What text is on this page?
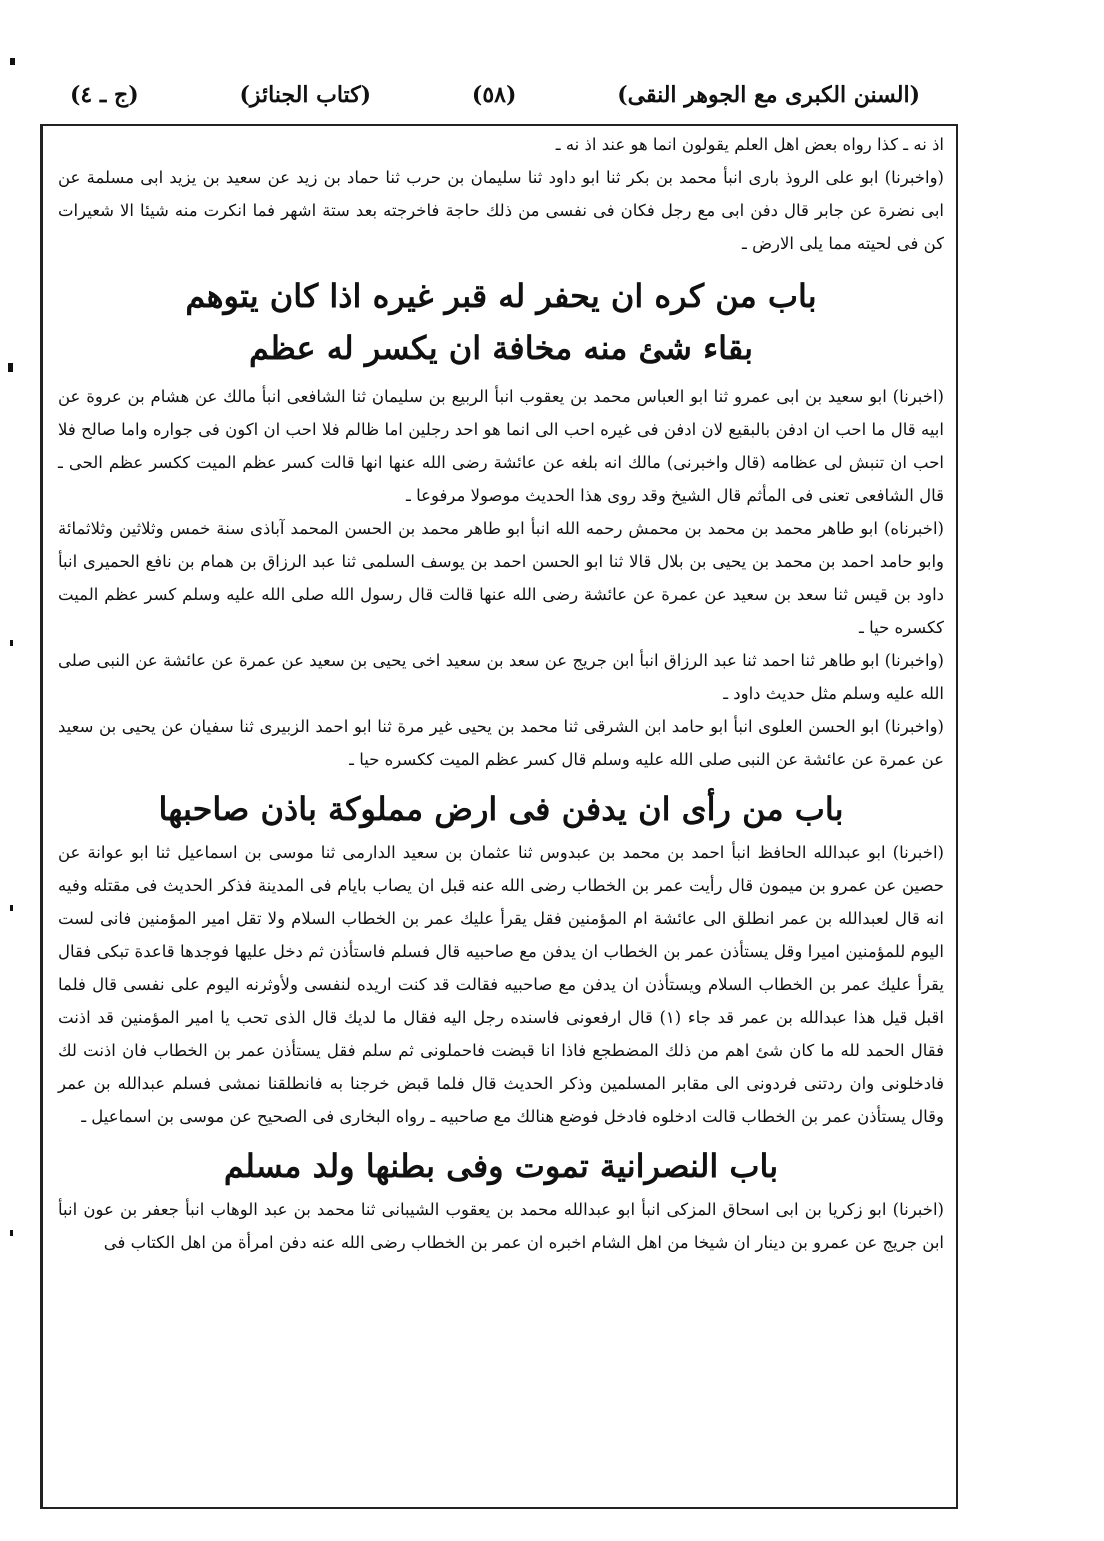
(السنن الكبرى مع الجوهر النقى)
(٥٨)
(كتاب الجنائز)
(ج ـ ٤)

اذ نه ـ كذا رواه بعض اهل العلم يقولون انما هو عند اذ نه ـ

(واخبرنا) ابو على الروذ بارى انبأ محمد بن بكر ثنا ابو داود ثنا سليمان بن حرب ثنا حماد بن زيد عن سعيد بن يزيد ابى مسلمة عن ابى نضرة عن جابر قال دفن ابى مع رجل فكان فى نفسى من ذلك حاجة فاخرجته بعد ستة اشهر فما انكرت منه شيئا الا شعيرات كن فى لحيته مما يلى الارض ـ

باب من كره ان يحفر له قبر غيره اذا كان يتوهم
بقاء شئ منه مخافة ان يكسر له عظم

(اخبرنا) ابو سعيد بن ابى عمرو ثنا ابو العباس محمد بن يعقوب انبأ الربيع بن سليمان ثنا الشافعى انبأ مالك عن هشام بن عروة عن ابيه قال ما احب ان ادفن بالبقيع لان ادفن فى غيره احب الى انما هو احد رجلين اما ظالم فلا احب ان اكون فى جواره واما صالح فلا احب ان تنبش لى عظامه (قال واخبرنى) مالك انه بلغه عن عائشة رضى الله عنها انها قالت كسر عظم الميت ككسر عظم الحى ـ قال الشافعى تعنى فى المأثم قال الشيخ وقد روى هذا الحديث موصولا مرفوعا ـ

(اخبرناه) ابو طاهر محمد بن محمد بن محمش رحمه الله انبأ ابو طاهر محمد بن الحسن المحمد آباذى سنة خمس وثلاثين وثلاثمائة وابو حامد احمد بن محمد بن يحيى بن بلال قالا ثنا ابو الحسن احمد بن يوسف السلمى ثنا عبد الرزاق بن همام بن نافع الحميرى انبأ داود بن قيس ثنا سعد بن سعيد عن عمرة عن عائشة رضى الله عنها قالت قال رسول الله صلى الله عليه وسلم كسر عظم الميت ككسره حيا ـ

(واخبرنا) ابو طاهر ثنا احمد ثنا عبد الرزاق انبأ ابن جريج عن سعد بن سعيد اخى يحيى بن سعيد عن عمرة عن عائشة عن النبى صلى الله عليه وسلم مثل حديث داود ـ

(واخبرنا) ابو الحسن العلوى انبأ ابو حامد ابن الشرقى ثنا محمد بن يحيى غير مرة ثنا ابو احمد الزبيرى ثنا سفيان عن يحيى بن سعيد عن عمرة عن عائشة عن النبى صلى الله عليه وسلم قال كسر عظم الميت ككسره حيا ـ

باب من رأى ان يدفن فى ارض مملوكة باذن صاحبها

(اخبرنا) ابو عبدالله الحافظ انبأ احمد بن محمد بن عبدوس ثنا عثمان بن سعيد الدارمى ثنا موسى بن اسماعيل ثنا ابو عوانة عن حصين عن عمرو بن ميمون قال رأيت عمر بن الخطاب رضى الله عنه قبل ان يصاب بايام فى المدينة فذكر الحديث فى مقتله وفيه انه قال لعبدالله بن عمر انطلق الى عائشة ام المؤمنين فقل يقرأ عليك عمر بن الخطاب السلام ولا تقل امير المؤمنين فانى لست اليوم للمؤمنين اميرا وقل يستأذن عمر بن الخطاب ان يدفن مع صاحبيه قال فسلم فاستأذن ثم دخل عليها فوجدها قاعدة تبكى فقال يقرأ عليك عمر بن الخطاب السلام ويستأذن ان يدفن مع صاحبيه فقالت قد كنت اريده لنفسى ولأوثرنه اليوم على نفسى قال فلما اقبل قيل هذا عبدالله بن عمر قد جاء (١) قال ارفعونى فاسنده رجل اليه فقال ما لديك قال الذى تحب يا امير المؤمنين قد اذنت فقال الحمد لله ما كان شئ اهم من ذلك المضطجع فاذا انا قبضت فاحملونى ثم سلم فقل يستأذن عمر بن الخطاب فان اذنت لك فادخلونى وان ردتنى فردونى الى مقابر المسلمين وذكر الحديث قال فلما قبض خرجنا به فانطلقنا نمشى فسلم عبدالله بن عمر وقال يستأذن عمر بن الخطاب قالت ادخلوه فادخل فوضع هنالك مع صاحبيه ـ رواه البخارى فى الصحيح عن موسى بن اسماعيل ـ

باب النصرانية تموت وفى بطنها ولد مسلم

(اخبرنا) ابو زكريا بن ابى اسحاق المزكى انبأ ابو عبدالله محمد بن يعقوب الشيبانى ثنا محمد بن عبد الوهاب انبأ جعفر بن عون انبأ ابن جريج عن عمرو بن دينار ان شيخا من اهل الشام اخبره ان عمر بن الخطاب رضى الله عنه دفن امرأة من اهل الكتاب فى
